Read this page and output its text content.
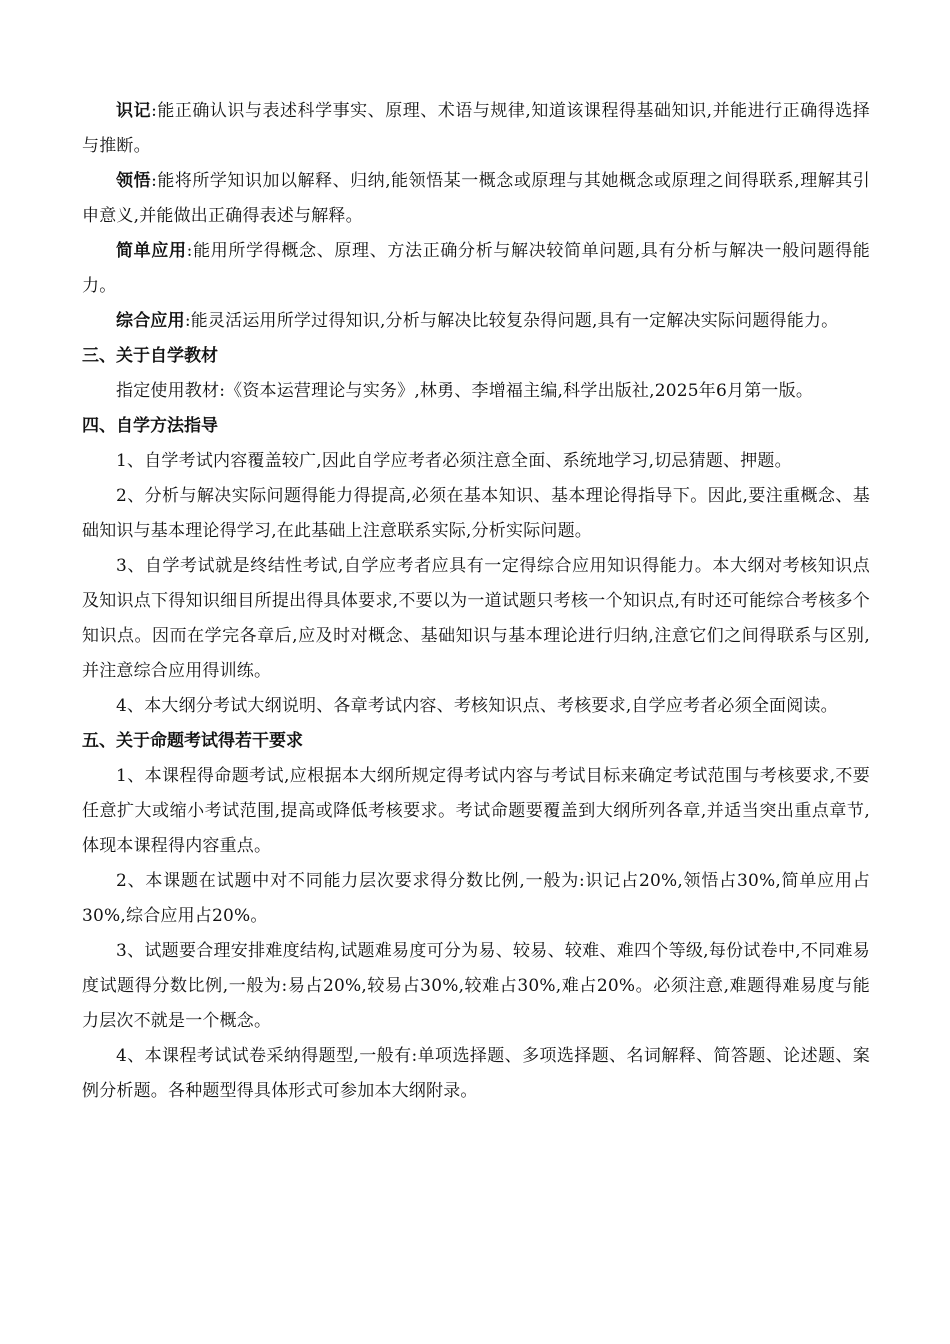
识记:能正确认识与表述科学事实、原理、术语与规律,知道该课程得基础知识,并能进行正确得选择与推断。

领悟:能将所学知识加以解释、归纳,能领悟某一概念或原理与其她概念或原理之间得联系,理解其引申意义,并能做出正确得表述与解释。

简单应用:能用所学得概念、原理、方法正确分析与解决较简单问题,具有分析与解决一般问题得能力。

综合应用:能灵活运用所学过得知识,分析与解决比较复杂得问题,具有一定解决实际问题得能力。

三、关于自学教材

指定使用教材:《资本运营理论与实务》,林勇、李增福主编,科学出版社,2025年6月第一版。

四、自学方法指导

1、自学考试内容覆盖较广,因此自学应考者必须注意全面、系统地学习,切忌猜题、押题。

2、分析与解决实际问题得能力得提高,必须在基本知识、基本理论得指导下。因此,要注重概念、基础知识与基本理论得学习,在此基础上注意联系实际,分析实际问题。

3、自学考试就是终结性考试,自学应考者应具有一定得综合应用知识得能力。本大纲对考核知识点及知识点下得知识细目所提出得具体要求,不要以为一道试题只考核一个知识点,有时还可能综合考核多个知识点。因而在学完各章后,应及时对概念、基础知识与基本理论进行归纳,注意它们之间得联系与区别,并注意综合应用得训练。

4、本大纲分考试大纲说明、各章考试内容、考核知识点、考核要求,自学应考者必须全面阅读。

五、关于命题考试得若干要求

1、本课程得命题考试,应根据本大纲所规定得考试内容与考试目标来确定考试范围与考核要求,不要任意扩大或缩小考试范围,提高或降低考核要求。考试命题要覆盖到大纲所列各章,并适当突出重点章节,体现本课程得内容重点。

2、本课题在试题中对不同能力层次要求得分数比例,一般为:识记占20%,领悟占30%,简单应用占30%,综合应用占20%。

3、试题要合理安排难度结构,试题难易度可分为易、较易、较难、难四个等级,每份试卷中,不同难易度试题得分数比例,一般为:易占20%,较易占30%,较难占30%,难占20%。必须注意,难题得难易度与能力层次不就是一个概念。

4、本课程考试试卷采纳得题型,一般有:单项选择题、多项选择题、名词解释、简答题、论述题、案例分析题。各种题型得具体形式可参加本大纲附录。
